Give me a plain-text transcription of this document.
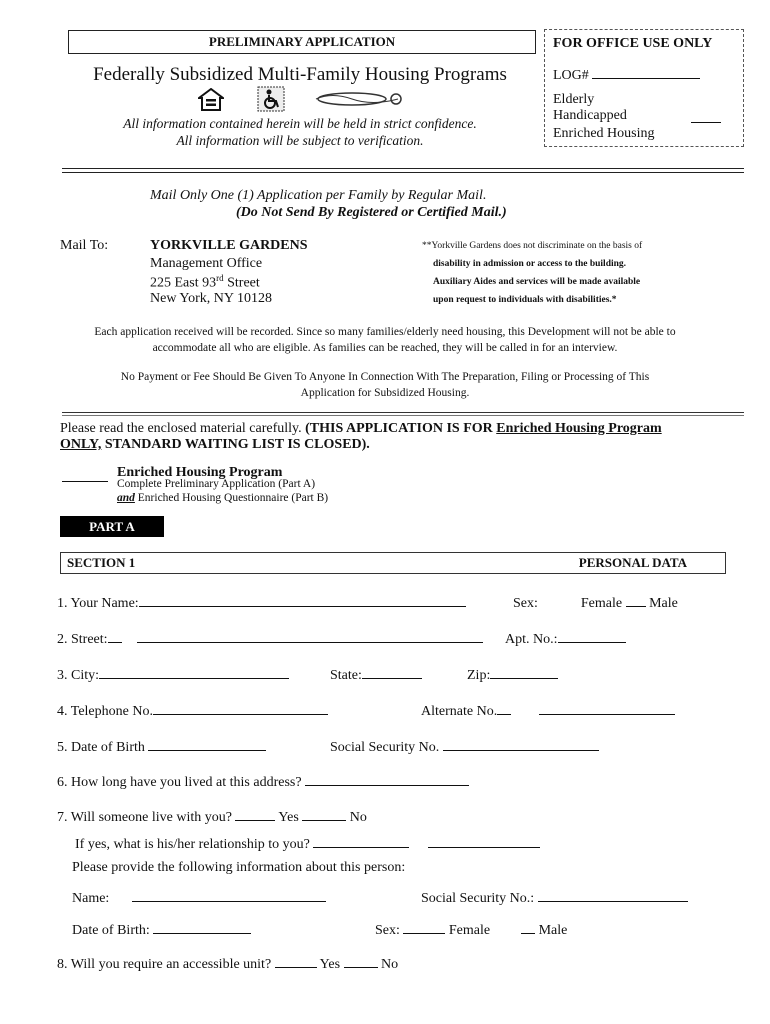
PRELIMINARY APPLICATION
Federally Subsidized Multi-Family Housing Programs
All information contained herein will be held in strict confidence.
All information will be subject to verification.
FOR OFFICE USE ONLY
LOG#
Elderly
Handicapped
Enriched Housing
Mail Only One (1) Application per Family by Regular Mail.
(Do Not Send By Registered or Certified Mail.)
Mail To:	YORKVILLE GARDENS
Management Office
225 East 93rd Street
New York, NY 10128
**Yorkville Gardens does not discriminate on the basis of
disability in admission or access to the building.
Auxiliary Aides and services will be made available
upon request to individuals with disabilities.*
Each application received will be recorded. Since so many families/elderly need housing, this Development will not be able to
accommodate all who are eligible. As families can be reached, they will be called in for an interview.
No Payment or Fee Should Be Given To Anyone In Connection With The Preparation, Filing or Processing of This
Application for Subsidized Housing.
Please read the enclosed material carefully. (THIS APPLICATION IS FOR Enriched Housing Program
ONLY, STANDARD WAITING LIST IS CLOSED).
Enriched Housing Program
Complete Preliminary Application (Part A)
and Enriched Housing Questionnaire (Part B)
PART A
SECTION 1	PERSONAL DATA
1. Your Name:	Sex:	Female Male
2. Street:	Apt. No.:
3. City:	State:	Zip:
4. Telephone No.	Alternate No.
5. Date of Birth	Social Security No.
6. How long have you lived at this address?
7. Will someone live with you?	Yes	No
If yes, what is his/her relationship to you?
Please provide the following information about this person:
Name:	Social Security No.:
Date of Birth:	Sex:	Female	Male
8. Will you require an accessible unit?	Yes	No
